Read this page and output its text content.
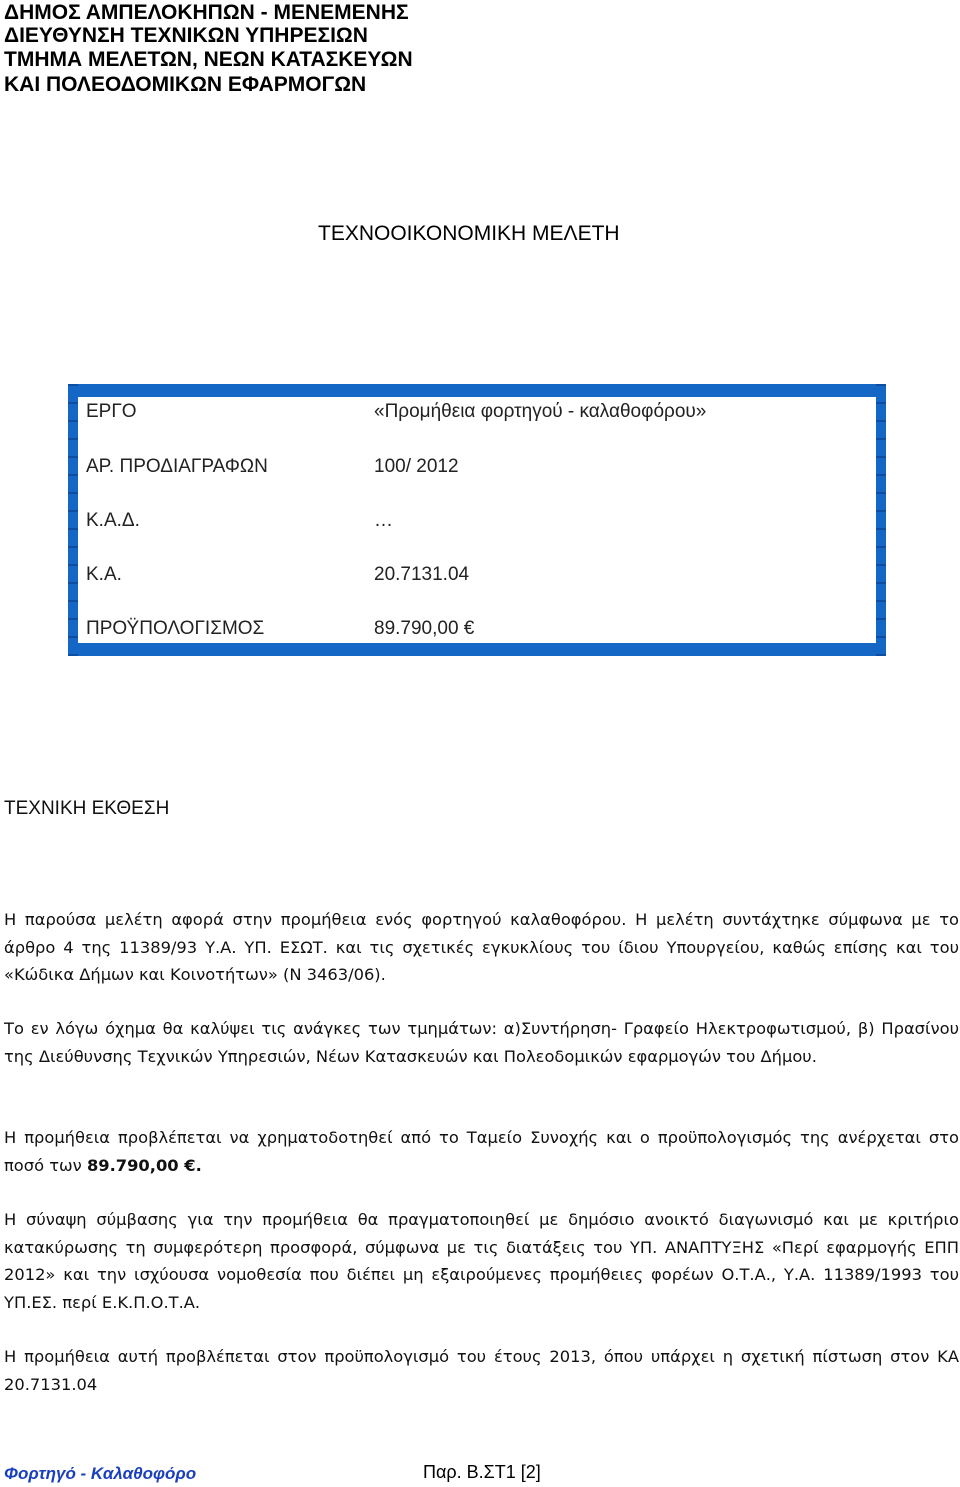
ΔΗΜΟΣ ΑΜΠΕΛΟΚΗΠΩΝ - ΜΕΝΕΜΕΝΗΣ
ΔΙΕΥΘΥΝΣΗ ΤΕΧΝΙΚΩΝ ΥΠΗΡΕΣΙΩΝ
ΤΜΗΜΑ ΜΕΛΕΤΩΝ, ΝΕΩΝ ΚΑΤΑΣΚΕΥΩΝ
ΚΑΙ ΠΟΛΕΟΔΟΜΙΚΩΝ ΕΦΑΡΜΟΓΩΝ
ΤΕΧΝΟΟΙΚΟΝΟΜΙΚΗ ΜΕΛΕΤΗ
ΕΡΓΟ	«Προμήθεια φορτηγού - καλαθοφόρου»
ΑΡ. ΠΡΟΔΙΑΓΡΑΦΩΝ	100/ 2012
Κ.Α.Δ.	…
Κ.Α.	20.7131.04
ΠΡΟΫΠΟΛΟΓΙΣΜΟΣ	89.790,00 €
ΤΕΧΝΙΚΗ ΕΚΘΕΣΗ
Η παρούσα μελέτη αφορά στην προμήθεια ενός φορτηγού καλαθοφόρου. Η μελέτη συντάχτηκε σύμφωνα με το άρθρο 4 της 11389/93 Υ.Α. ΥΠ. ΕΣΩΤ. και τις σχετικές εγκυκλίους του ίδιου Υπουργείου, καθώς επίσης και του «Κώδικα Δήμων και Κοινοτήτων» (Ν 3463/06).
Το εν λόγω όχημα θα καλύψει τις ανάγκες των τμημάτων: α)Συντήρηση- Γραφείο Ηλεκτροφωτισμού, β) Πρασίνου της Διεύθυνσης Τεχνικών Υπηρεσιών, Νέων Κατασκευών και Πολεοδομικών εφαρμογών του Δήμου.
Η προμήθεια προβλέπεται να χρηματοδοτηθεί από το Ταμείο Συνοχής και ο προϋπολογισμός της ανέρχεται στο ποσό των 89.790,00 €.
Η σύναψη σύμβασης για την προμήθεια θα πραγματοποιηθεί με δημόσιο ανοικτό διαγωνισμό και με κριτήριο κατακύρωσης τη συμφερότερη προσφορά, σύμφωνα με τις διατάξεις του ΥΠ. ΑΝΑΠΤΥΞΗΣ «Περί εφαρμογής ΕΠΠ 2012» και την ισχύουσα νομοθεσία που διέπει μη εξαιρούμενες προμήθειες φορέων Ο.Τ.Α., Υ.Α. 11389/1993 του ΥΠ.ΕΣ. περί Ε.Κ.Π.Ο.Τ.Α.
Η προμήθεια αυτή προβλέπεται στον προϋπολογισμό του έτους 2013, όπου υπάρχει η σχετική πίστωση στον ΚΑ 20.7131.04
Φορτηγό - Καλαθοφόρο	Παρ. Β.ΣΤ1 [2]
